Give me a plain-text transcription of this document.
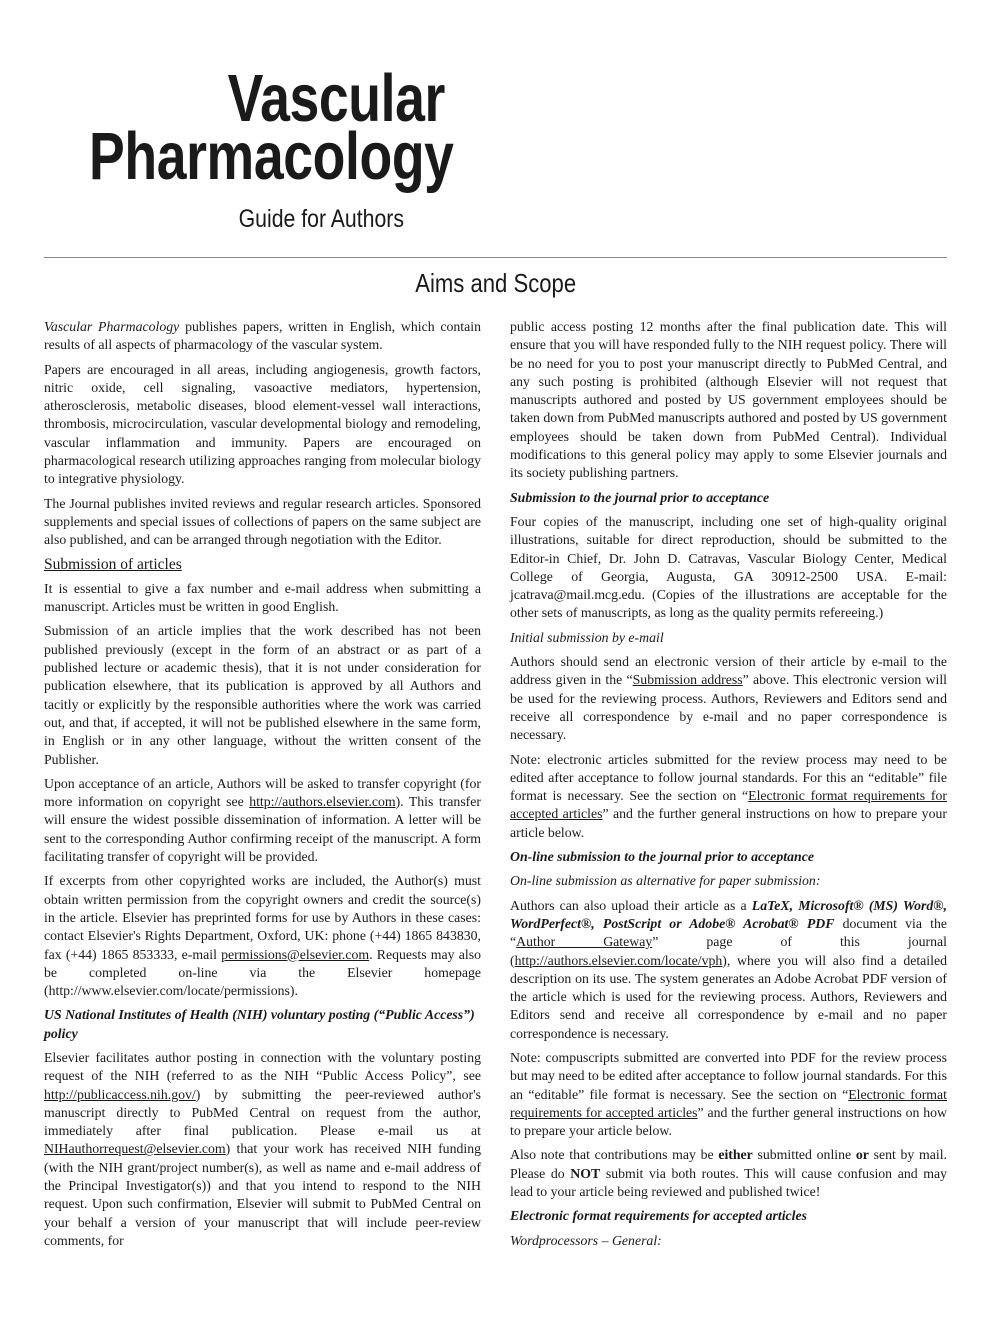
Vascular
Pharmacology
Guide for Authors
Aims and Scope

Vascular Pharmacology publishes papers, written in English, which contain results of all aspects of pharmacology of the vascular system.

Papers are encouraged in all areas, including angiogenesis, growth factors, nitric oxide, cell signaling, vasoactive mediators, hypertension, atherosclerosis, metabolic diseases, blood element-vessel wall interactions, thrombosis, microcirculation, vascular developmental biology and remodeling, vascular inflammation and immunity. Papers are encouraged on pharmacological research utilizing approaches ranging from molecular biology to integrative physiology.

The Journal publishes invited reviews and regular research articles. Sponsored supplements and special issues of collections of papers on the same subject are also published, and can be arranged through negotiation with the Editor.

Submission of articles

It is essential to give a fax number and e-mail address when submitting a manuscript. Articles must be written in good English.

Submission of an article implies that the work described has not been published previously (except in the form of an abstract or as part of a published lecture or academic thesis), that it is not under consideration for publication elsewhere, that its publication is approved by all Authors and tacitly or explicitly by the responsible authorities where the work was carried out, and that, if accepted, it will not be published elsewhere in the same form, in English or in any other language, without the written consent of the Publisher.

Upon acceptance of an article, Authors will be asked to transfer copyright (for more information on copyright see http://authors.elsevier.com). This transfer will ensure the widest possible dissemination of information. A letter will be sent to the corresponding Author confirming receipt of the manuscript. A form facilitating transfer of copyright will be provided.

If excerpts from other copyrighted works are included, the Author(s) must obtain written permission from the copyright owners and credit the source(s) in the article. Elsevier has preprinted forms for use by Authors in these cases: contact Elsevier's Rights Department, Oxford, UK: phone (+44) 1865 843830, fax (+44) 1865 853333, e-mail permissions@elsevier.com. Requests may also be completed on-line via the Elsevier homepage (http://www.elsevier.com/locate/permissions).

US National Institutes of Health (NIH) voluntary posting (“Public Access”) policy

Elsevier facilitates author posting in connection with the voluntary posting request of the NIH (referred to as the NIH “Public Access Policy”, see http://publicaccess.nih.gov/) by submitting the peer-reviewed author's manuscript directly to PubMed Central on request from the author, immediately after final publication. Please e-mail us at NIHauthorrequest@elsevier.com) that your work has received NIH funding (with the NIH grant/project number(s), as well as name and e-mail address of the Principal Investigator(s)) and that you intend to respond to the NIH request. Upon such confirmation, Elsevier will submit to PubMed Central on your behalf a version of your manuscript that will include peer-review comments, for

public access posting 12 months after the final publication date. This will ensure that you will have responded fully to the NIH request policy. There will be no need for you to post your manuscript directly to PubMed Central, and any such posting is prohibited (although Elsevier will not request that manuscripts authored and posted by US government employees should be taken down from PubMed manuscripts authored and posted by US government employees should be taken down from PubMed Central). Individual modifications to this general policy may apply to some Elsevier journals and its society publishing partners.

Submission to the journal prior to acceptance

Four copies of the manuscript, including one set of high-quality original illustrations, suitable for direct reproduction, should be submitted to the Editor-in Chief, Dr. John D. Catravas, Vascular Biology Center, Medical College of Georgia, Augusta, GA 30912-2500 USA. E-mail: jcatrava@mail.mcg.edu. (Copies of the illustrations are acceptable for the other sets of manuscripts, as long as the quality permits refereeing.)

Initial submission by e-mail

Authors should send an electronic version of their article by e-mail to the address given in the “Submission address” above. This electronic version will be used for the reviewing process. Authors, Reviewers and Editors send and receive all correspondence by e-mail and no paper correspondence is necessary.

Note: electronic articles submitted for the review process may need to be edited after acceptance to follow journal standards. For this an “editable” file format is necessary. See the section on “Electronic format requirements for accepted articles” and the further general instructions on how to prepare your article below.

On-line submission to the journal prior to acceptance
On-line submission as alternative for paper submission:

Authors can also upload their article as a LaTeX, Microsoft® (MS) Word®, WordPerfect®, PostScript or Adobe® Acrobat® PDF document via the “Author Gateway” page of this journal (http://authors.elsevier.com/locate/vph), where you will also find a detailed description on its use. The system generates an Adobe Acrobat PDF version of the article which is used for the reviewing process. Authors, Reviewers and Editors send and receive all correspondence by e-mail and no paper correspondence is necessary.

Note: compuscripts submitted are converted into PDF for the review process but may need to be edited after acceptance to follow journal standards. For this an “editable” file format is necessary. See the section on “Electronic format requirements for accepted articles” and the further general instructions on how to prepare your article below.

Also note that contributions may be either submitted online or sent by mail. Please do NOT submit via both routes. This will cause confusion and may lead to your article being reviewed and published twice!

Electronic format requirements for accepted articles
Wordprocessors – General:
